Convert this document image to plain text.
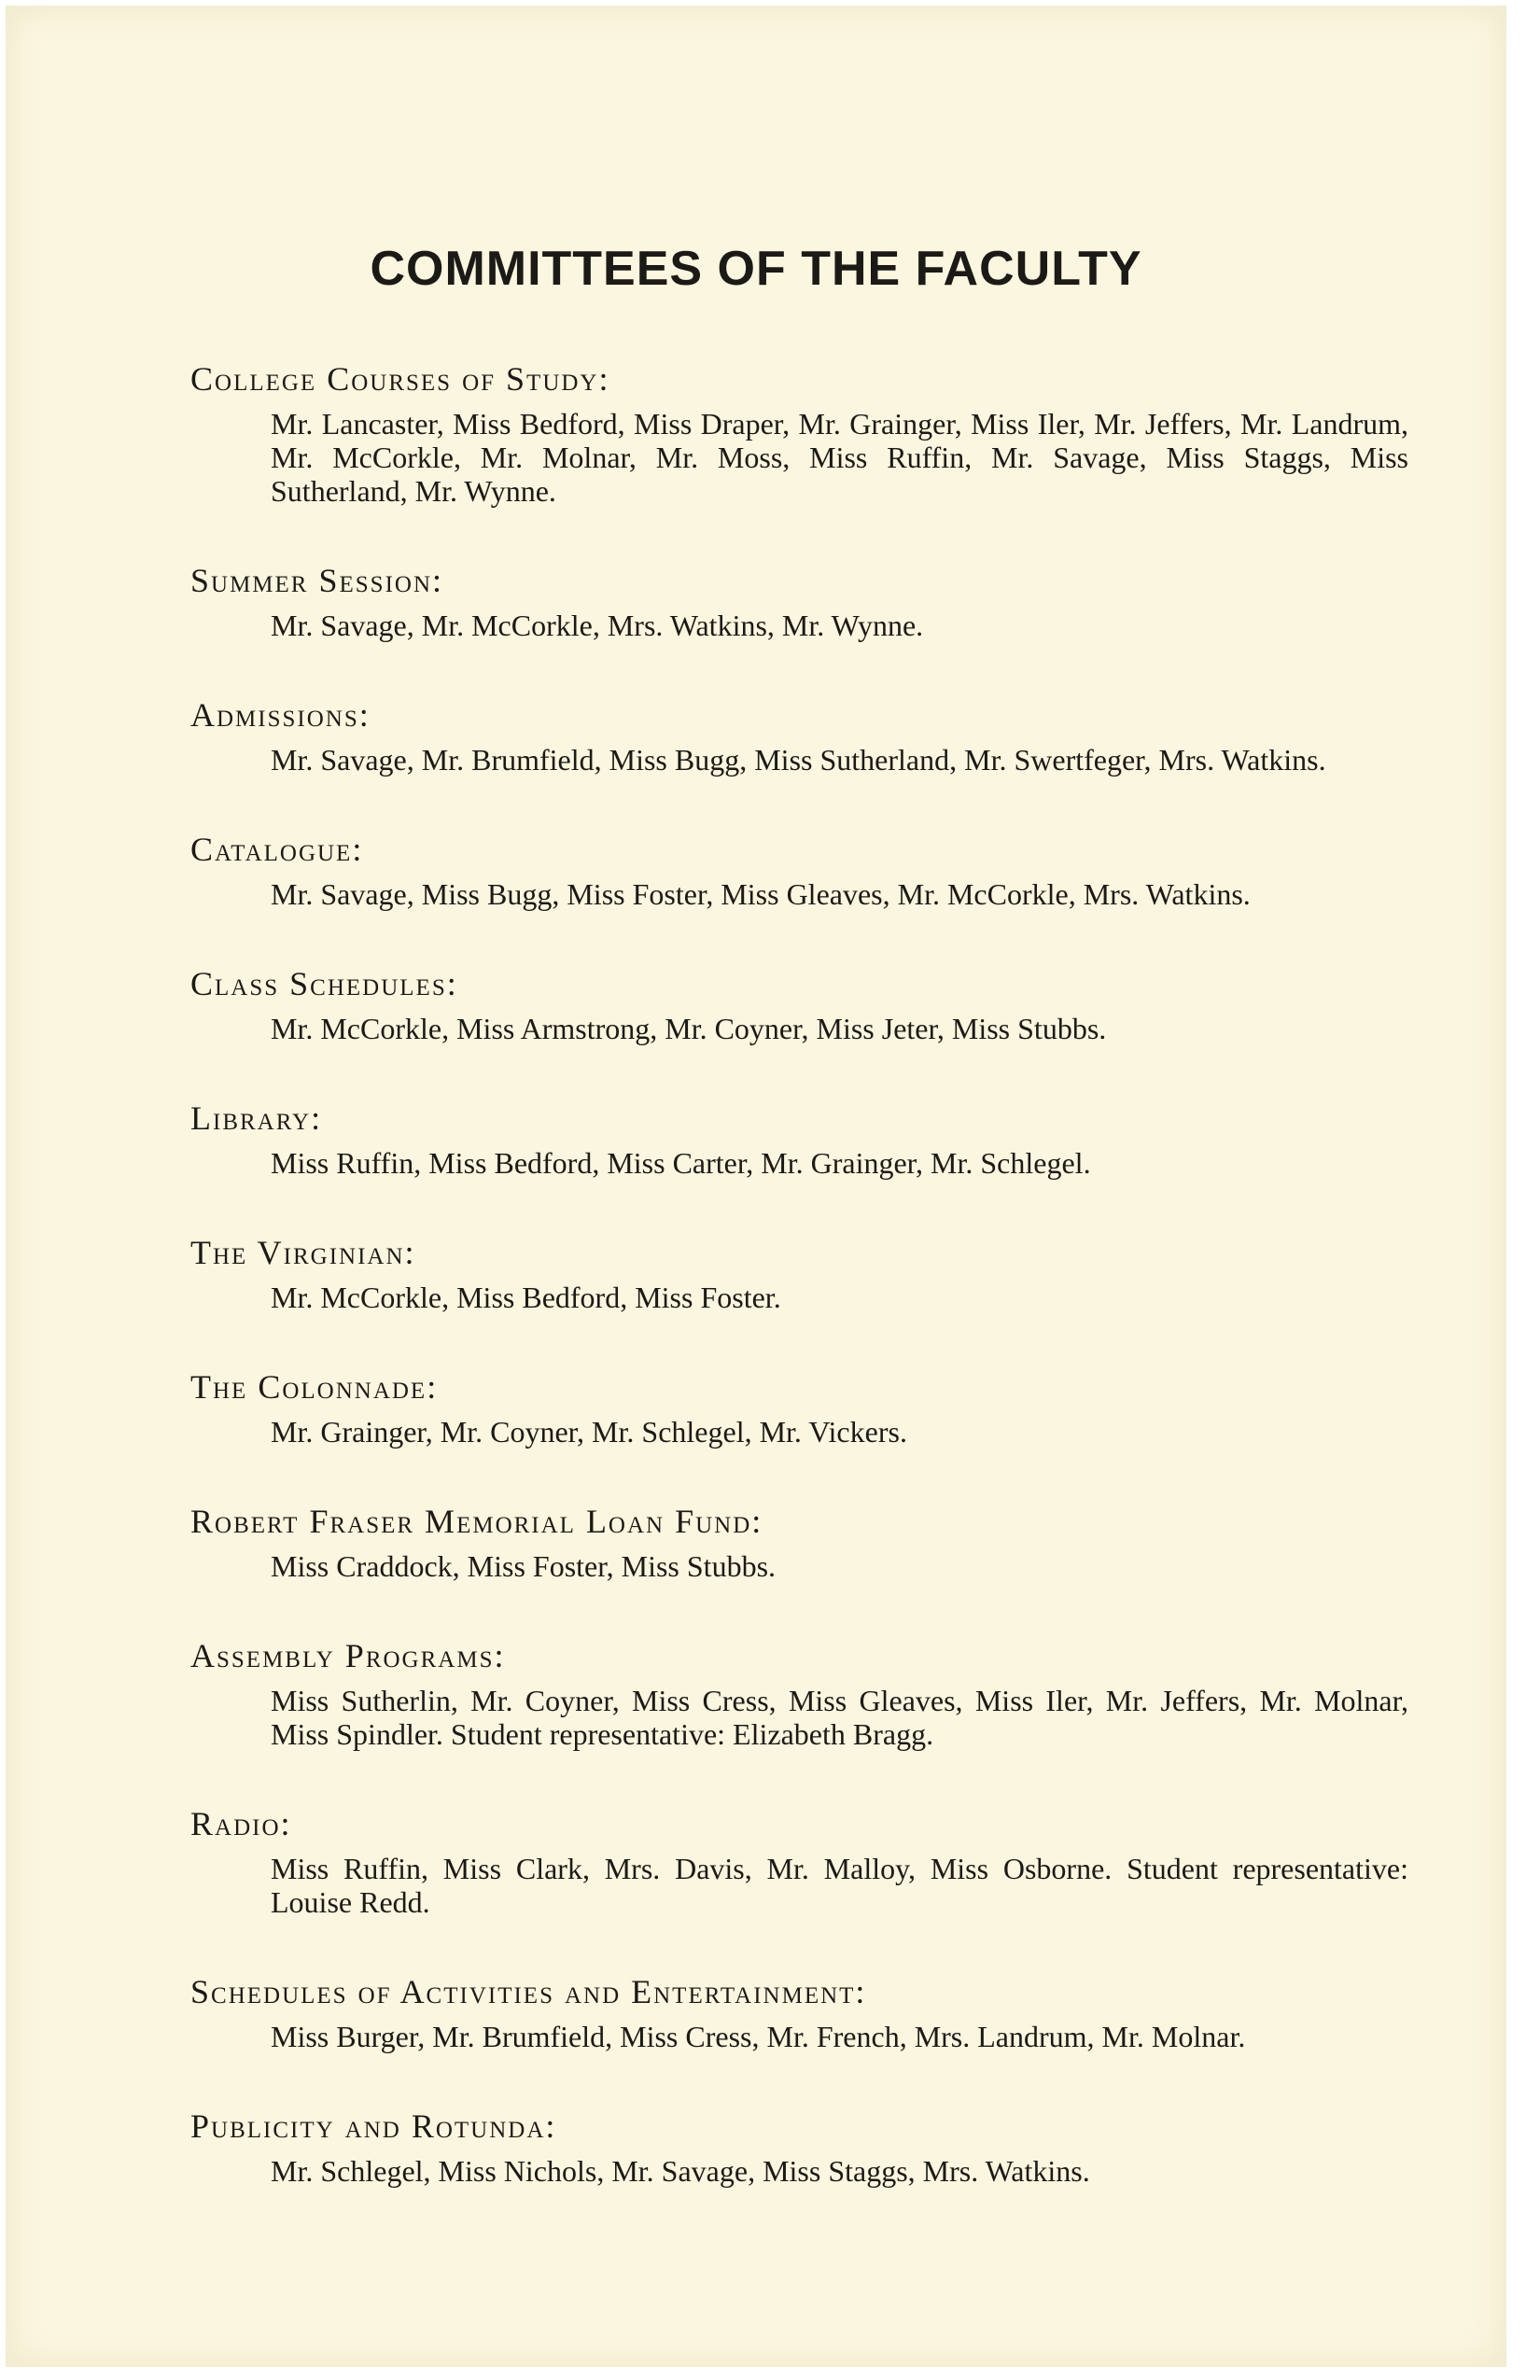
COMMITTEES OF THE FACULTY
College Courses of Study:
Mr. Lancaster, Miss Bedford, Miss Draper, Mr. Grainger, Miss Iler, Mr. Jeffers, Mr. Landrum, Mr. McCorkle, Mr. Molnar, Mr. Moss, Miss Ruffin, Mr. Savage, Miss Staggs, Miss Sutherland, Mr. Wynne.
Summer Session:
Mr. Savage, Mr. McCorkle, Mrs. Watkins, Mr. Wynne.
Admissions:
Mr. Savage, Mr. Brumfield, Miss Bugg, Miss Sutherland, Mr. Swertfeger, Mrs. Watkins.
Catalogue:
Mr. Savage, Miss Bugg, Miss Foster, Miss Gleaves, Mr. McCorkle, Mrs. Watkins.
Class Schedules:
Mr. McCorkle, Miss Armstrong, Mr. Coyner, Miss Jeter, Miss Stubbs.
Library:
Miss Ruffin, Miss Bedford, Miss Carter, Mr. Grainger, Mr. Schlegel.
The Virginian:
Mr. McCorkle, Miss Bedford, Miss Foster.
The Colonnade:
Mr. Grainger, Mr. Coyner, Mr. Schlegel, Mr. Vickers.
Robert Fraser Memorial Loan Fund:
Miss Craddock, Miss Foster, Miss Stubbs.
Assembly Programs:
Miss Sutherlin, Mr. Coyner, Miss Cress, Miss Gleaves, Miss Iler, Mr. Jeffers, Mr. Molnar, Miss Spindler. Student representative: Elizabeth Bragg.
Radio:
Miss Ruffin, Miss Clark, Mrs. Davis, Mr. Malloy, Miss Osborne. Student representative: Louise Redd.
Schedules of Activities and Entertainment:
Miss Burger, Mr. Brumfield, Miss Cress, Mr. French, Mrs. Landrum, Mr. Molnar.
Publicity and Rotunda:
Mr. Schlegel, Miss Nichols, Mr. Savage, Miss Staggs, Mrs. Watkins.
